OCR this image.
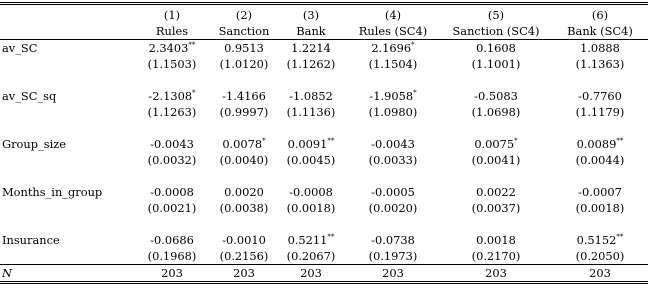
	(1)	(2)	(3)	(4)	(5)	(6)
	Rules	Sanction	Bank	Rules (SC4)	Sanction (SC4)	Bank (SC4)
av_SC	2.3403**	0.9513	1.2214	2.1696*	0.1608	1.0888
	(1.1503)	(1.0120)	(1.1262)	(1.1504)	(1.1001)	(1.1363)

av_SC_sq	-2.1308*	-1.4166	-1.0852	-1.9058*	-0.5083	-0.7760
	(1.1263)	(0.9997)	(1.1136)	(1.0980)	(1.0698)	(1.1179)

Group_size	-0.0043	0.0078*	0.0091**	-0.0043	0.0075*	0.0089**
	(0.0032)	(0.0040)	(0.0045)	(0.0033)	(0.0041)	(0.0044)

Months_in_group	-0.0008	0.0020	-0.0008	-0.0005	0.0022	-0.0007
	(0.0021)	(0.0038)	(0.0018)	(0.0020)	(0.0037)	(0.0018)

Insurance	-0.0686	-0.0010	0.5211**	-0.0738	0.0018	0.5152**
	(0.1968)	(0.2156)	(0.2067)	(0.1973)	(0.2170)	(0.2050)
N	203	203	203	203	203	203
